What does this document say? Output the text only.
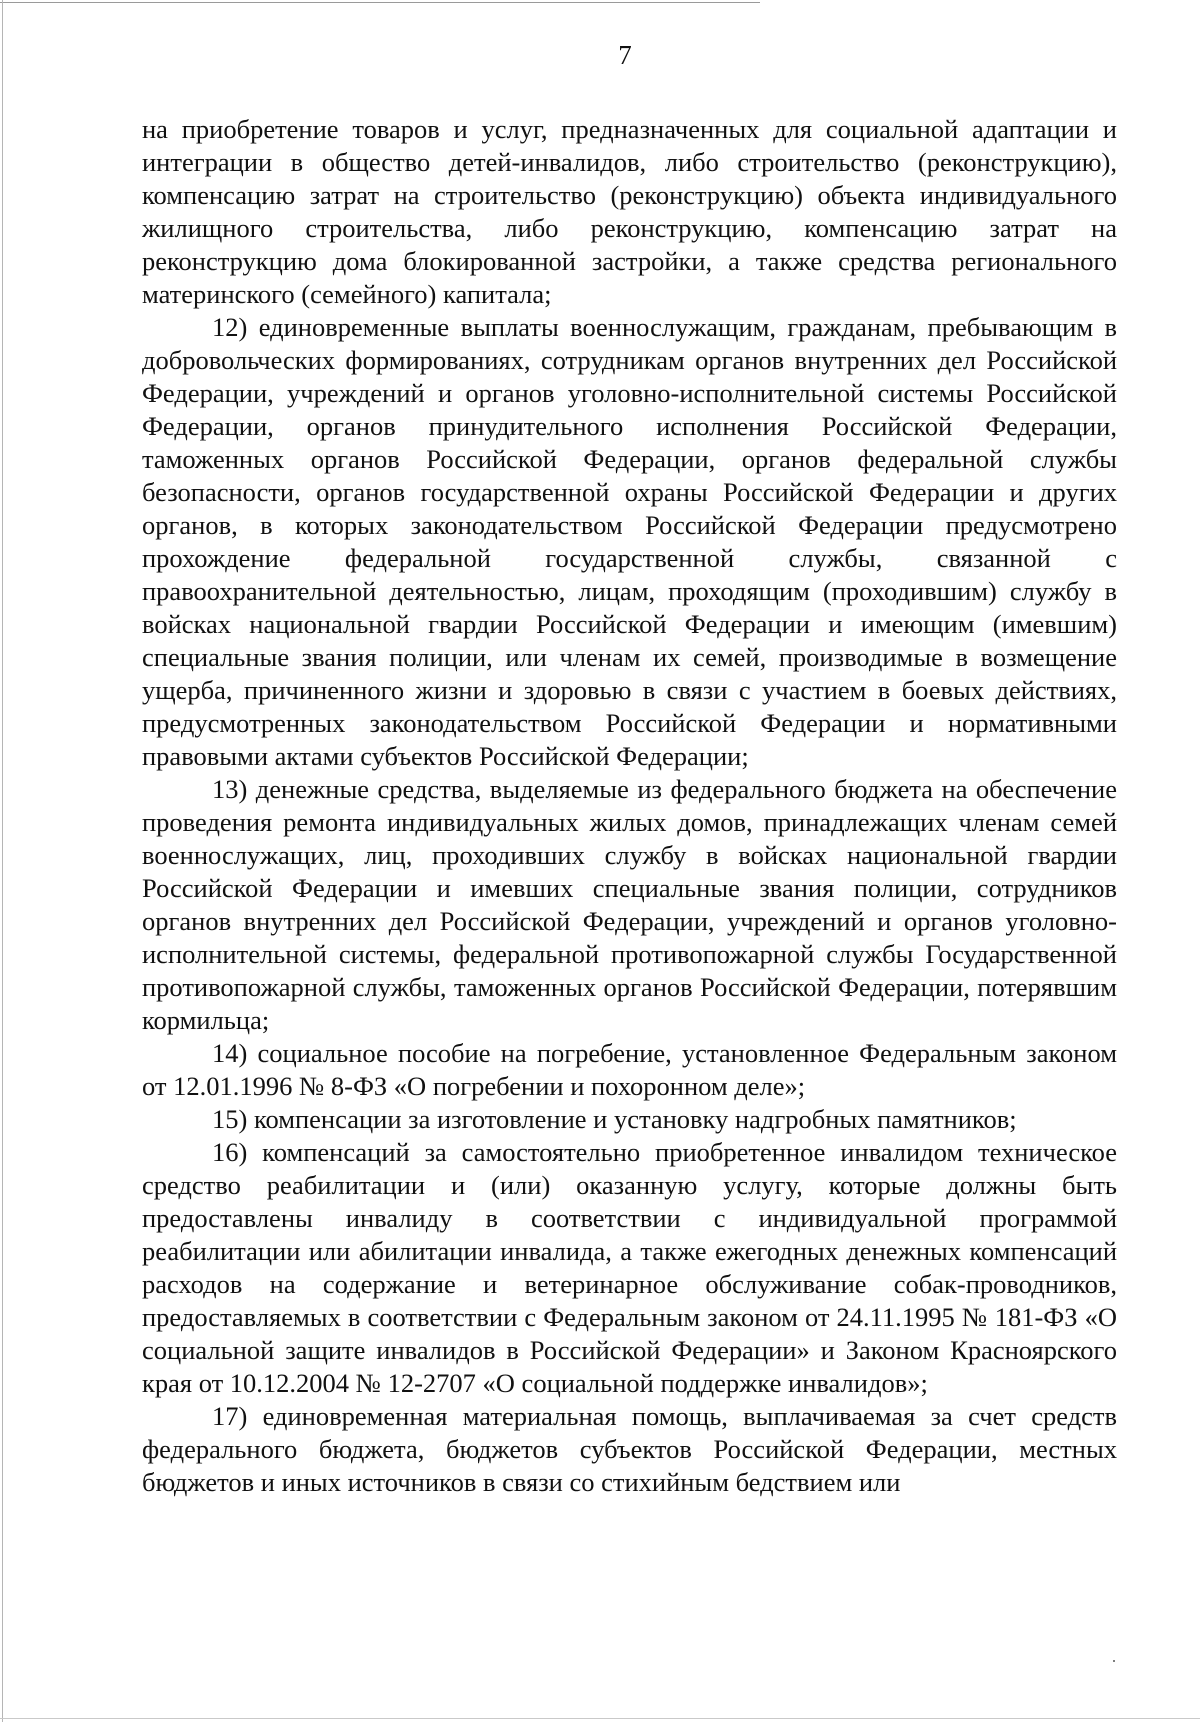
7

на приобретение товаров и услуг, предназначенных для социальной адаптации и интеграции в общество детей-инвалидов, либо строительство (реконструкцию), компенсацию затрат на строительство (реконструкцию) объекта индивидуального жилищного строительства, либо реконструкцию, компенсацию затрат на реконструкцию дома блокированной застройки, а также средства регионального материнского (семейного) капитала;

12) единовременные выплаты военнослужащим, гражданам, пребывающим в добровольческих формированиях, сотрудникам органов внутренних дел Российской Федерации, учреждений и органов уголовно-исполнительной системы Российской Федерации, органов принудительного исполнения Российской Федерации, таможенных органов Российской Федерации, органов федеральной службы безопасности, органов государственной охраны Российской Федерации и других органов, в которых законодательством Российской Федерации предусмотрено прохождение федеральной государственной службы, связанной с правоохранительной деятельностью, лицам, проходящим (проходившим) службу в войсках национальной гвардии Российской Федерации и имеющим (имевшим) специальные звания полиции, или членам их семей, производимые в возмещение ущерба, причиненного жизни и здоровью в связи с участием в боевых действиях, предусмотренных законодательством Российской Федерации и нормативными правовыми актами субъектов Российской Федерации;

13) денежные средства, выделяемые из федерального бюджета на обеспечение проведения ремонта индивидуальных жилых домов, принадлежащих членам семей военнослужащих, лиц, проходивших службу в войсках национальной гвардии Российской Федерации и имевших специальные звания полиции, сотрудников органов внутренних дел Российской Федерации, учреждений и органов уголовно-исполнительной системы, федеральной противопожарной службы Государственной противопожарной службы, таможенных органов Российской Федерации, потерявшим кормильца;

14) социальное пособие на погребение, установленное Федеральным законом от 12.01.1996 № 8-ФЗ «О погребении и похоронном деле»;

15) компенсации за изготовление и установку надгробных памятников;

16) компенсаций за самостоятельно приобретенное инвалидом техническое средство реабилитации и (или) оказанную услугу, которые должны быть предоставлены инвалиду в соответствии с индивидуальной программой реабилитации или абилитации инвалида, а также ежегодных денежных компенсаций расходов на содержание и ветеринарное обслуживание собак-проводников, предоставляемых в соответствии с Федеральным законом от 24.11.1995 № 181-ФЗ «О социальной защите инвалидов в Российской Федерации» и Законом Красноярского края от 10.12.2004 № 12-2707 «О социальной поддержке инвалидов»;

17) единовременная материальная помощь, выплачиваемая за счет средств федерального бюджета, бюджетов субъектов Российской Федерации, местных бюджетов и иных источников в связи со стихийным бедствием или
